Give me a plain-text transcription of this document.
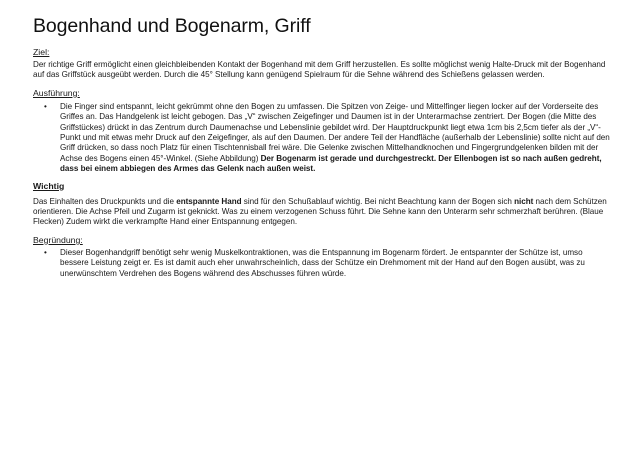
Bogenhand und Bogenarm, Griff

Ziel:

Der richtige Griff ermöglicht einen gleichbleibenden Kontakt der Bogenhand mit dem Griff herzustellen. Es sollte möglichst wenig Halte-Druck mit der Bogenhand auf das Griffstück ausgeübt werden. Durch die 45° Stellung kann genügend Spielraum für die Sehne während des Schießens gelassen werden.

Ausführung:

• Die Finger sind entspannt, leicht gekrümmt ohne den Bogen zu umfassen. Die Spitzen von Zeige- und Mittelfinger liegen locker auf der Vorderseite des Griffes an. Das Handgelenk ist leicht gebogen. Das „V“ zwischen Zeigefinger und Daumen ist in der Unterarmachse zentriert. Der Bogen (die Mitte des Griffstückes) drückt in das Zentrum durch Daumenachse und Lebenslinie gebildet wird. Der Hauptdruckpunkt liegt etwa 1cm bis 2,5cm tiefer als der „V“-Punkt und mit etwas mehr Druck auf den Zeigefinger, als auf den Daumen. Der andere Teil der Handfläche (außerhalb der Lebenslinie) sollte nicht auf den Griff drücken, so dass noch Platz für einen Tischtennisball frei wäre. Die Gelenke zwischen Mittelhandknochen und Fingergrundgelenken bilden mit der Achse des Bogens einen 45°-Winkel. (Siehe Abbildung) Der Bogenarm ist gerade und durchgestreckt. Der Ellenbogen ist so nach außen gedreht, dass bei einem abbiegen des Armes das Gelenk nach außen weist.

Wichtig

Das Einhalten des Druckpunkts und die entspannte Hand sind für den Schußablauf wichtig. Bei nicht Beachtung kann der Bogen sich nicht nach dem Schützen orientieren. Die Achse Pfeil und Zugarm ist geknickt. Was zu einem verzogenen Schuss führt. Die Sehne kann den Unterarm sehr schmerzhaft berühren. (Blaue Flecken) Zudem wirkt die verkrampfte Hand einer Entspannung entgegen.

Begründung:

• Dieser Bogenhandgriff benötigt sehr wenig Muskelkontraktionen, was die Entspannung im Bogenarm fördert. Je entspannter der Schütze ist, umso bessere Leistung zeigt er. Es ist damit auch eher unwahrscheinlich, dass der Schütze ein Drehmoment mit der Hand auf den Bogen ausübt, was zu unerwünschtem Verdrehen des Bogens während des Abschusses führen würde.
